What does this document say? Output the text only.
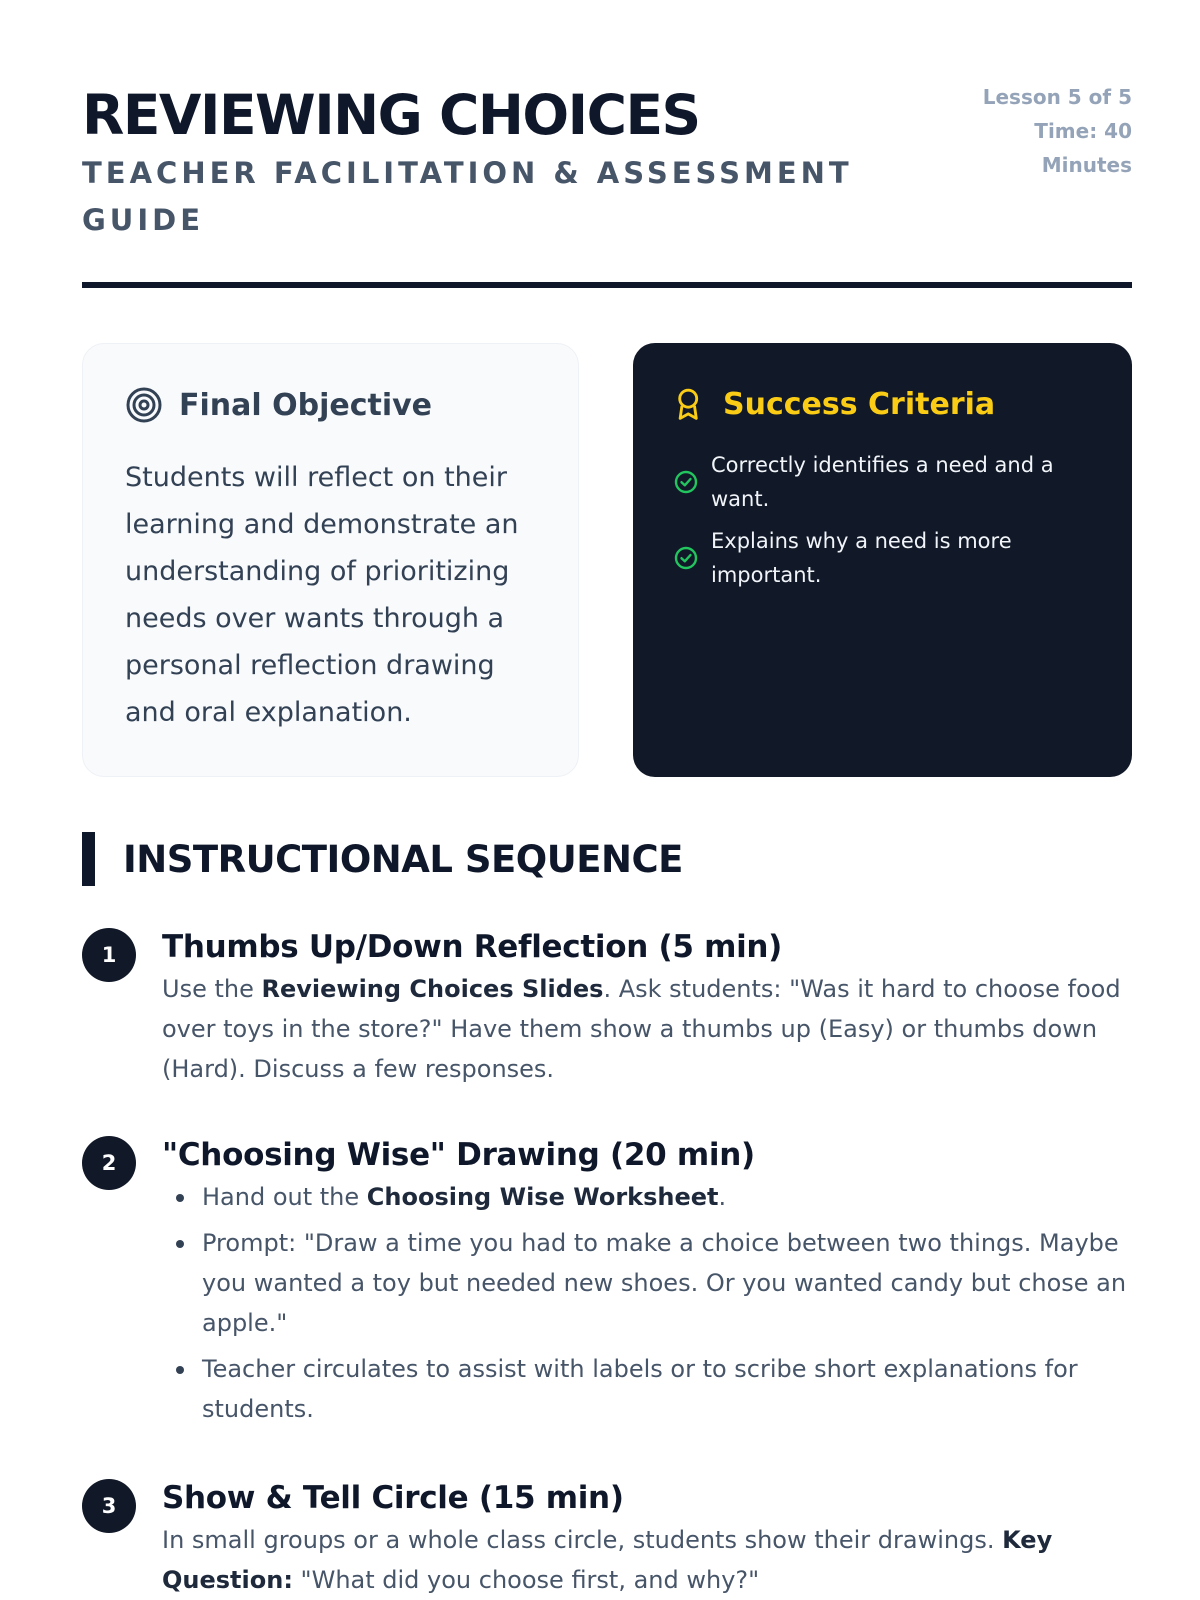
REVIEWING CHOICES
TEACHER FACILITATION & ASSESSMENT GUIDE
Lesson 5 of 5
Time: 40
Minutes
Final Objective
Students will reflect on their learning and demonstrate an understanding of prioritizing needs over wants through a personal reflection drawing and oral explanation.
Success Criteria
Correctly identifies a need and a want.
Explains why a need is more important.
INSTRUCTIONAL SEQUENCE
1	Thumbs Up/Down Reflection (5 min)
Use the Reviewing Choices Slides. Ask students: "Was it hard to choose food over toys in the store?" Have them show a thumbs up (Easy) or thumbs down (Hard). Discuss a few responses.
2	"Choosing Wise" Drawing (20 min)
Hand out the Choosing Wise Worksheet.
Prompt: "Draw a time you had to make a choice between two things. Maybe you wanted a toy but needed new shoes. Or you wanted candy but chose an apple."
Teacher circulates to assist with labels or to scribe short explanations for students.
3	Show & Tell Circle (15 min)
In small groups or a whole class circle, students show their drawings. Key Question: "What did you choose first, and why?"
